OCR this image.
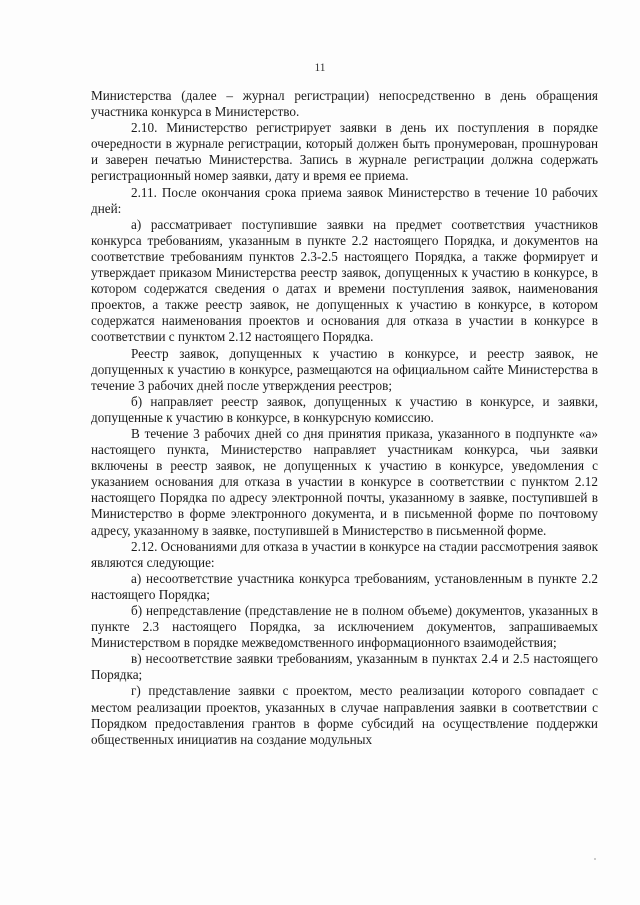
11

Министерства (далее – журнал регистрации) непосредственно в день обращения участника конкурса в Министерство.

2.10. Министерство регистрирует заявки в день их поступления в порядке очередности в журнале регистрации, который должен быть пронумерован, прошнурован и заверен печатью Министерства. Запись в журнале регистрации должна содержать регистрационный номер заявки, дату и время ее приема.

2.11. После окончания срока приема заявок Министерство в течение 10 рабочих дней:

а) рассматривает поступившие заявки на предмет соответствия участников конкурса требованиям, указанным в пункте 2.2 настоящего Порядка, и документов на соответствие требованиям пунктов 2.3-2.5 настоящего Порядка, а также формирует и утверждает приказом Министерства реестр заявок, допущенных к участию в конкурсе, в котором содержатся сведения о датах и времени поступления заявок, наименования проектов, а также реестр заявок, не допущенных к участию в конкурсе, в котором содержатся наименования проектов и основания для отказа в участии в конкурсе в соответствии с пунктом 2.12 настоящего Порядка.

Реестр заявок, допущенных к участию в конкурсе, и реестр заявок, не допущенных к участию в конкурсе, размещаются на официальном сайте Министерства в течение 3 рабочих дней после утверждения реестров;

б) направляет реестр заявок, допущенных к участию в конкурсе, и заявки, допущенные к участию в конкурсе, в конкурсную комиссию.

В течение 3 рабочих дней со дня принятия приказа, указанного в подпункте «а» настоящего пункта, Министерство направляет участникам конкурса, чьи заявки включены в реестр заявок, не допущенных к участию в конкурсе, уведомления с указанием основания для отказа в участии в конкурсе в соответствии с пунктом 2.12 настоящего Порядка по адресу электронной почты, указанному в заявке, поступившей в Министерство в форме электронного документа, и в письменной форме по почтовому адресу, указанному в заявке, поступившей в Министерство в письменной форме.

2.12. Основаниями для отказа в участии в конкурсе на стадии рассмотрения заявок являются следующие:

а) несоответствие участника конкурса требованиям, установленным в пункте 2.2 настоящего Порядка;

б) непредставление (представление не в полном объеме) документов, указанных в пункте 2.3 настоящего Порядка, за исключением документов, запрашиваемых Министерством в порядке межведомственного информационного взаимодействия;

в) несоответствие заявки требованиям, указанным в пунктах 2.4 и 2.5 настоящего Порядка;

г) представление заявки с проектом, место реализации которого совпадает с местом реализации проектов, указанных в случае направления заявки в соответствии с Порядком предоставления грантов в форме субсидий на осуществление поддержки общественных инициатив на создание модульных
